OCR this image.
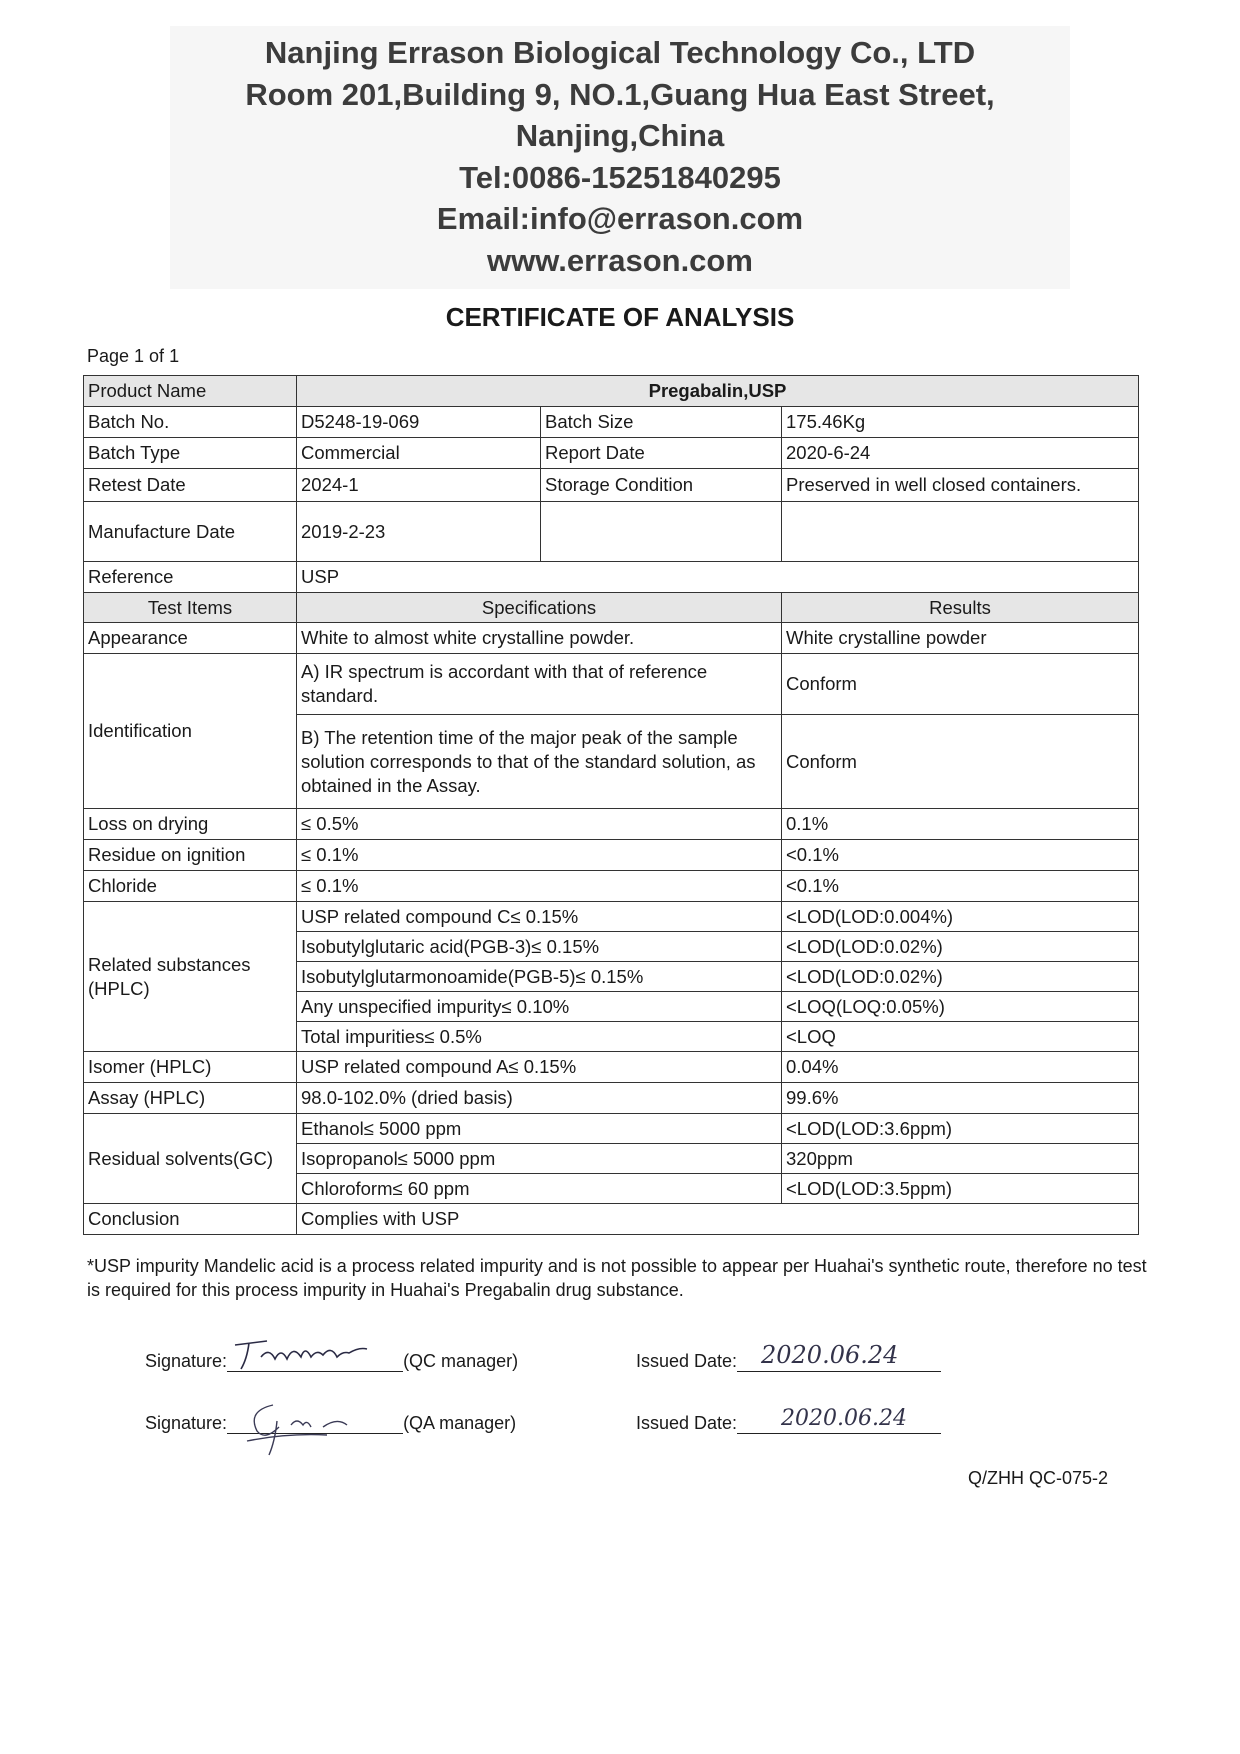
Nanjing Errason Biological Technology Co., LTD
Room 201,Building 9, NO.1,Guang Hua East Street,
Nanjing,China
Tel:0086-15251840295
Email:info@errason.com
www.errason.com
CERTIFICATE OF ANALYSIS
Page 1 of 1
Product Name	Pregabalin,USP		
Batch No.	D5248-19-069	Batch Size	175.46Kg
Batch Type	Commercial	Report Date	2020-6-24
Retest Date	2024-1	Storage Condition	Preserved in well closed containers.
Manufacture Date	2019-2-23		
Reference	USP		
Test Items	Specifications		Results
Appearance	White to almost white crystalline powder.		White crystalline powder
Identification	A) IR spectrum is accordant with that of reference standard.		Conform
	B) The retention time of the major peak of the sample solution corresponds to that of the standard solution, as obtained in the Assay.		Conform
Loss on drying	≤ 0.5%		0.1%
Residue on ignition	≤ 0.1%		<0.1%
Chloride	≤ 0.1%		<0.1%
Related substances (HPLC)	USP related compound C≤ 0.15%		<LOD(LOD:0.004%)
	Isobutylglutaric acid(PGB-3)≤ 0.15%		<LOD(LOD:0.02%)
	Isobutylglutarmonoamide(PGB-5)≤ 0.15%		<LOD(LOD:0.02%)
	Any unspecified impurity≤ 0.10%		<LOQ(LOQ:0.05%)
	Total impurities≤ 0.5%		<LOQ
Isomer (HPLC)	USP related compound A≤ 0.15%		0.04%
Assay (HPLC)	98.0-102.0% (dried basis)		99.6%
Residual solvents(GC)	Ethanol≤ 5000 ppm		<LOD(LOD:3.6ppm)
	Isopropanol≤ 5000 ppm		320ppm
	Chloroform≤ 60 ppm		<LOD(LOD:3.5ppm)
Conclusion	Complies with USP		
*USP impurity Mandelic acid is a process related impurity and is not possible to appear per Huahai's synthetic route, therefore no test is required for this process impurity in Huahai's Pregabalin drug substance.
Signature:	(QC manager)	Issued Date: 2020.06.24
Signature:	(QA manager)	Issued Date: 2020.06.24
Q/ZHH QC-075-2
